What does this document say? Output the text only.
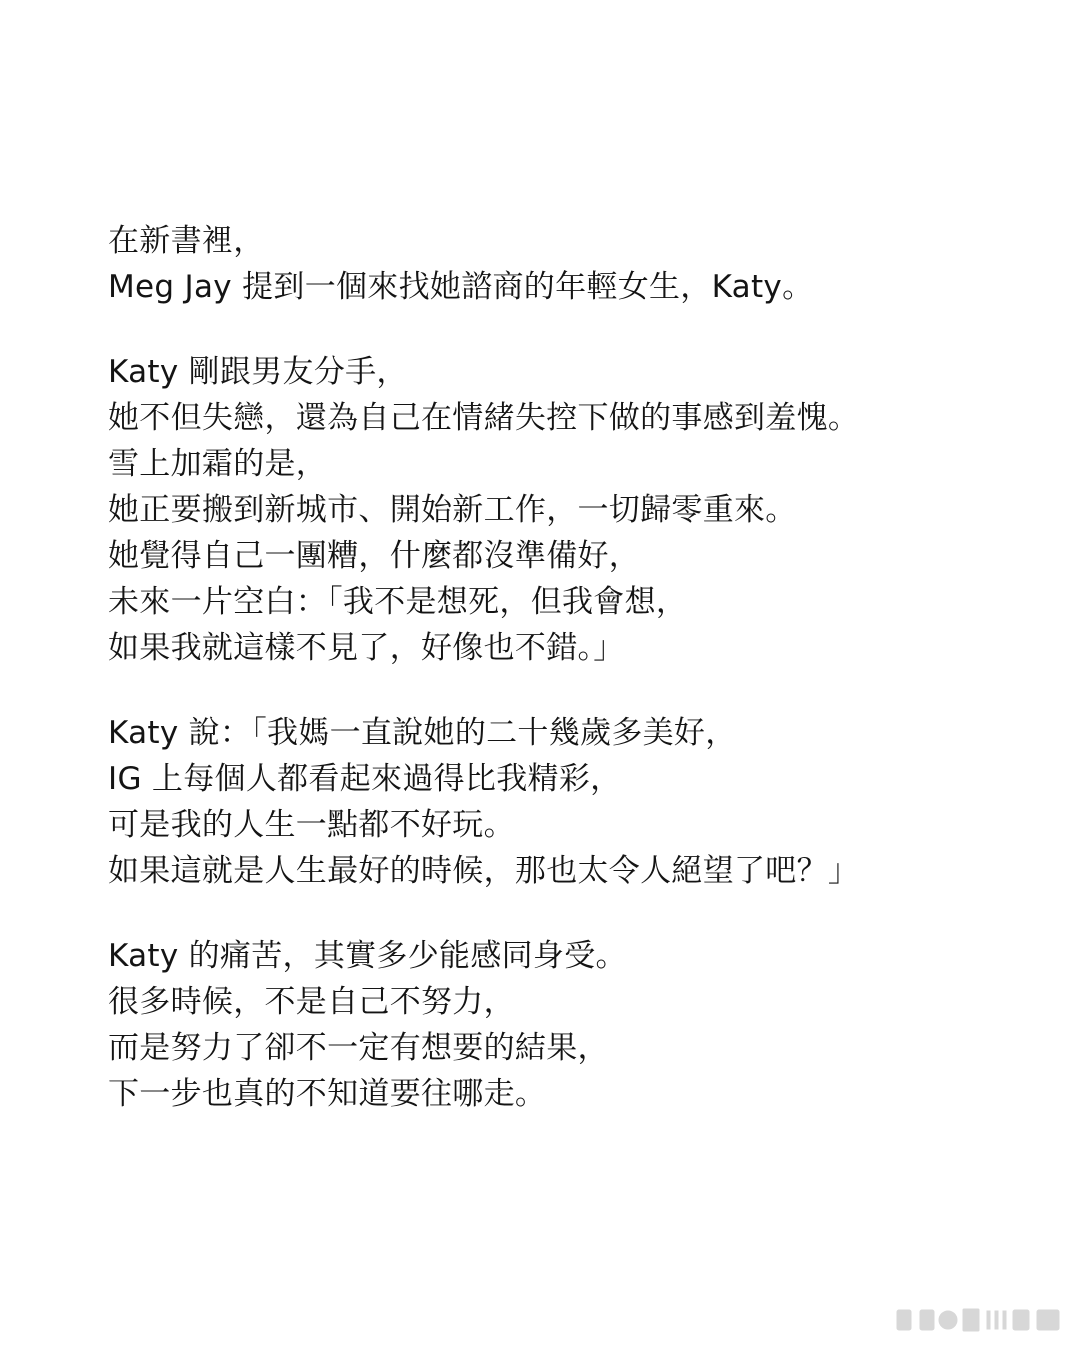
在新書裡，
Meg Jay 提到一個來找她諮商的年輕女生，Katy。
Katy 剛跟男友分手，
她不但失戀，還為自己在情緒失控下做的事感到羞愧。
雪上加霜的是，
她正要搬到新城市、開始新工作，一切歸零重來。
她覺得自己一團糟，什麼都沒準備好，
未來一片空白：「我不是想死，但我會想，
如果我就這樣不見了，好像也不錯。」
Katy 說：「我媽一直說她的二十幾歲多美好，
IG 上每個人都看起來過得比我精彩，
可是我的人生一點都不好玩。
如果這就是人生最好的時候，那也太令人絕望了吧？」
Katy 的痛苦，其實多少能感同身受。
很多時候，不是自己不努力，
而是努力了卻不一定有想要的結果，
下一步也真的不知道要往哪走。
